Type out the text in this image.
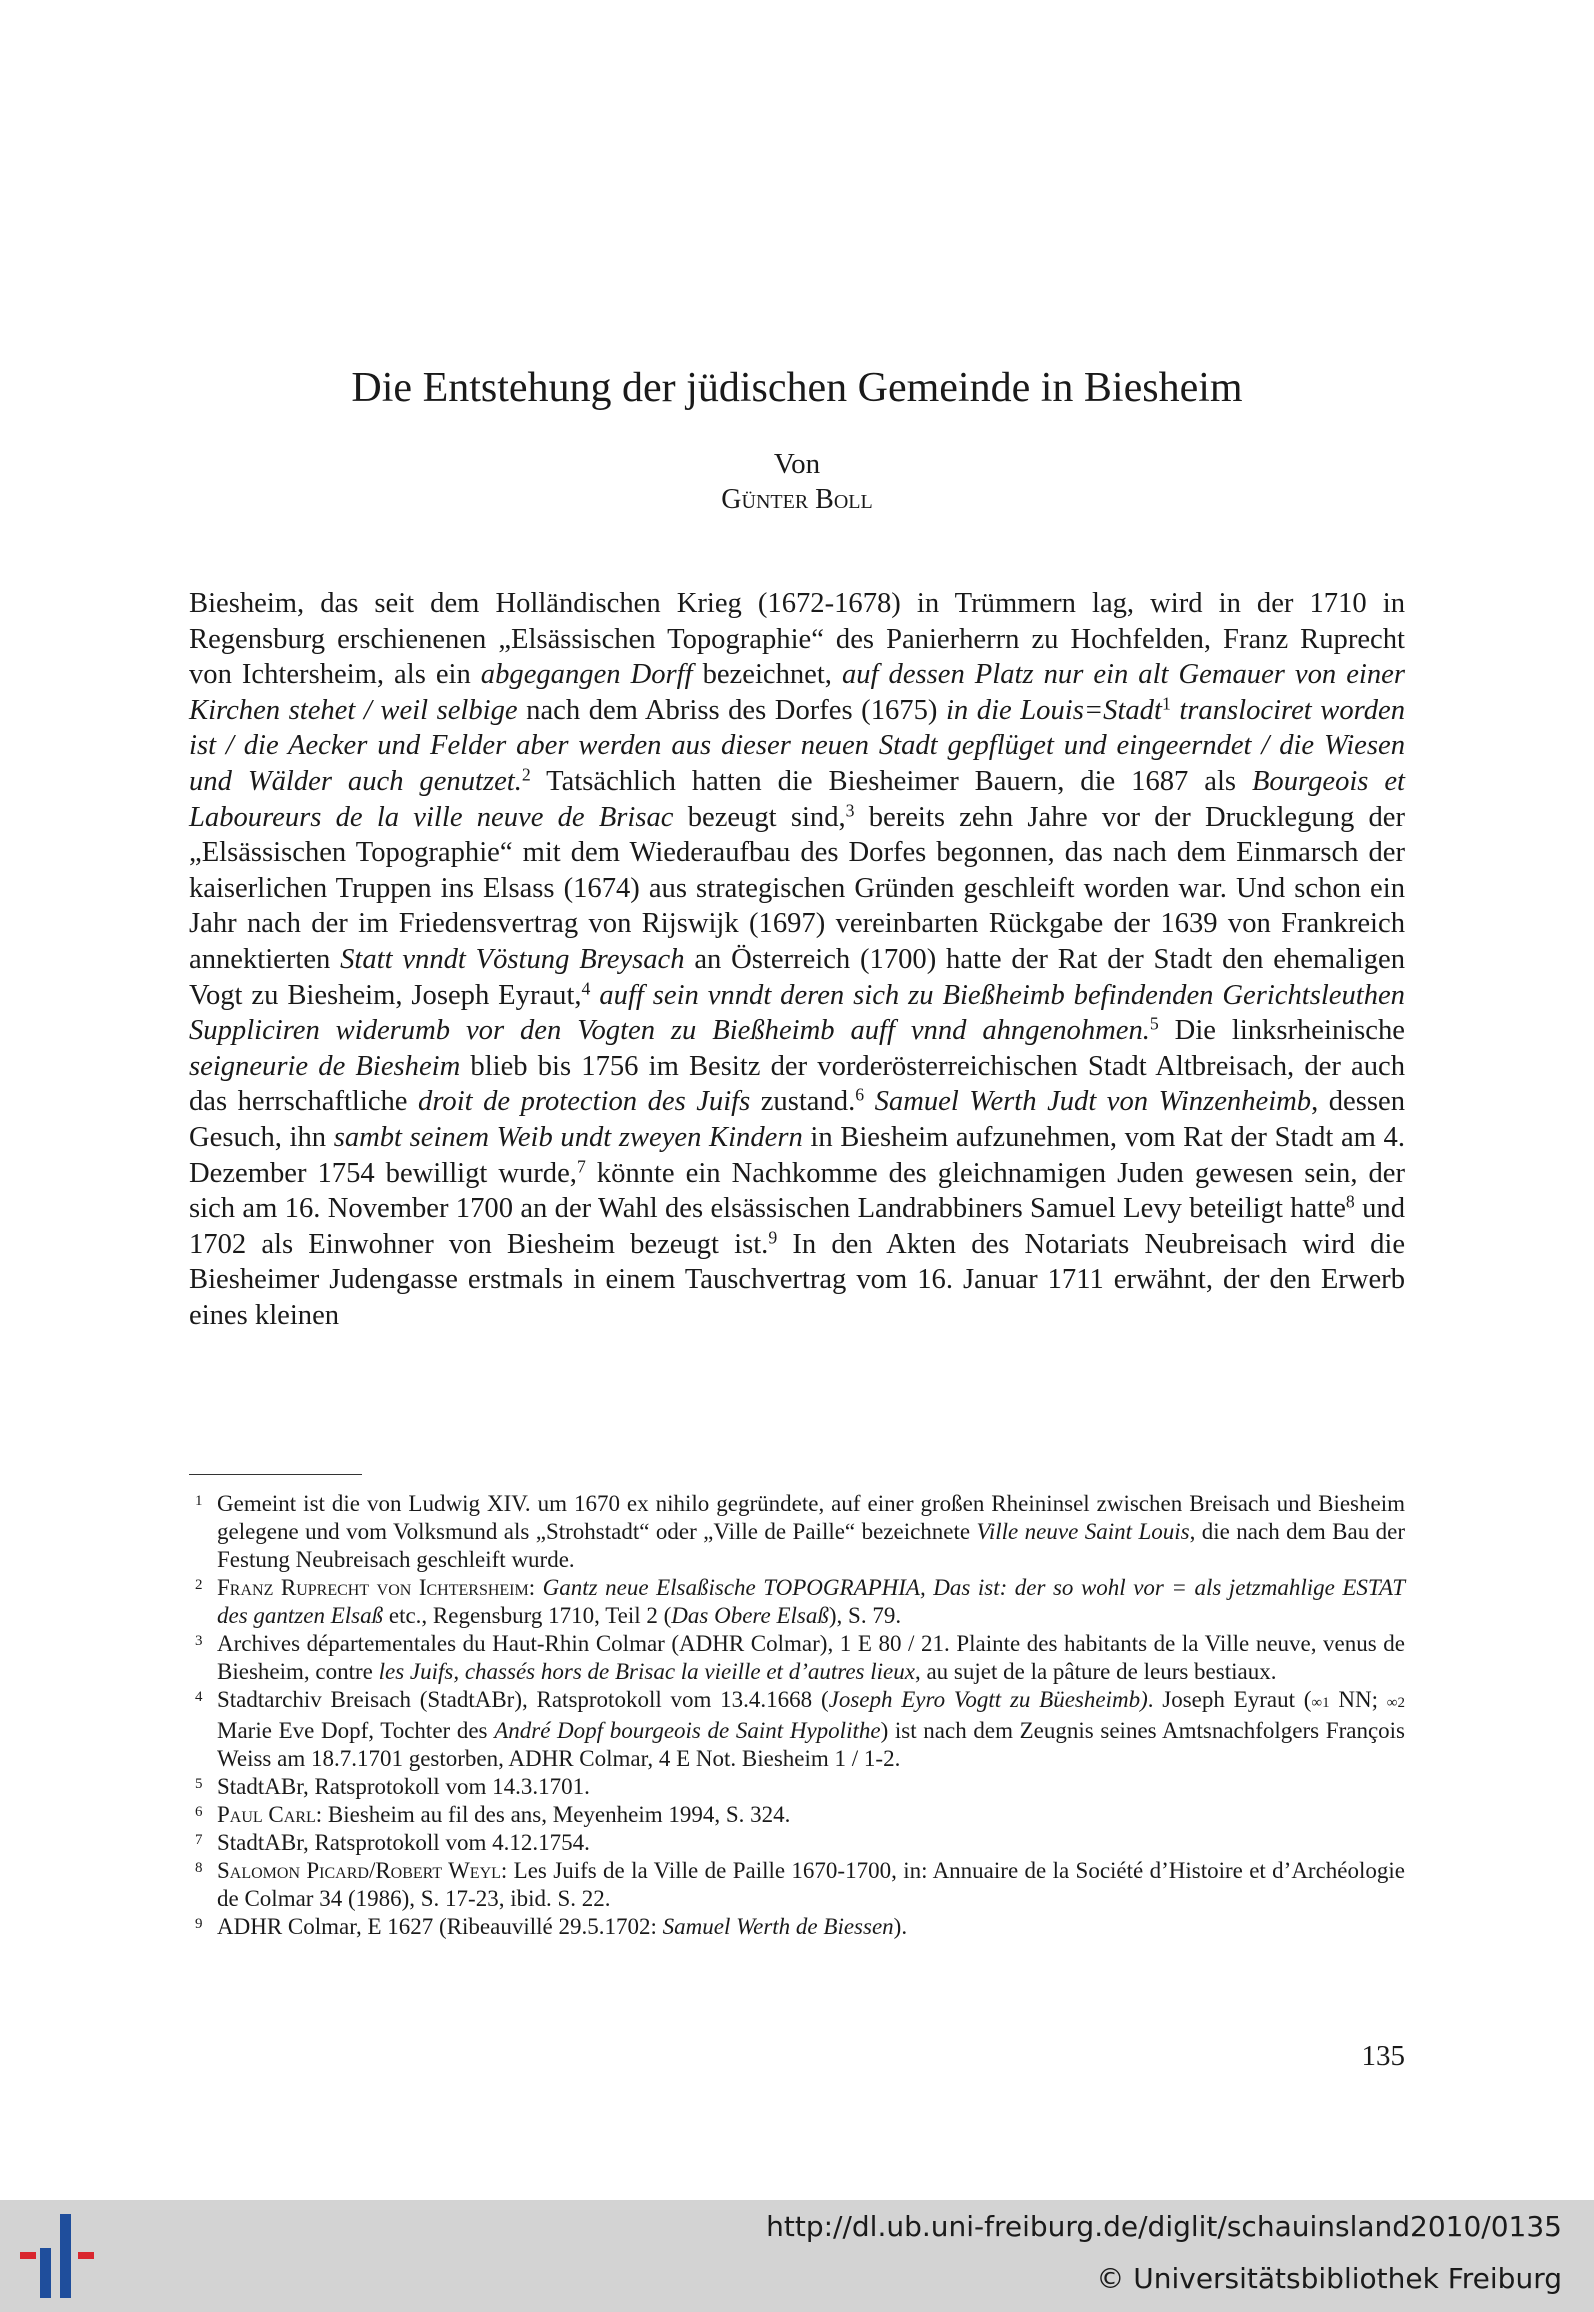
Die Entstehung der jüdischen Gemeinde in Biesheim
Von
Günter Boll
Biesheim, das seit dem Holländischen Krieg (1672-1678) in Trümmern lag, wird in der 1710 in Regensburg erschienenen „Elsässischen Topographie“ des Panierherrn zu Hochfelden, Franz Ruprecht von Ichtersheim, als ein abgegangen Dorff bezeichnet, auf dessen Platz nur ein alt Gemauer von einer Kirchen stehet / weil selbige nach dem Abriss des Dorfes (1675) in die Louis=Stadt$^1$ translociret worden ist / die Aecker und Felder aber werden aus dieser neuen Stadt gepflüget und eingeerndet / die Wiesen und Wälder auch genutzet.$^2$ Tatsächlich hatten die Biesheimer Bauern, die 1687 als Bourgeois et Laboureurs de la ville neuve de Brisac bezeugt sind,$^3$ bereits zehn Jahre vor der Drucklegung der „Elsässischen Topographie“ mit dem Wiederaufbau des Dorfes begonnen, das nach dem Einmarsch der kaiserlichen Truppen ins Elsass (1674) aus strategischen Gründen geschleift worden war. Und schon ein Jahr nach der im Friedensvertrag von Rijswijk (1697) vereinbarten Rückgabe der 1639 von Frankreich annektierten Statt vnndt Vöstung Breysach an Österreich (1700) hatte der Rat der Stadt den ehemaligen Vogt zu Biesheim, Joseph Eyraut,$^4$ auff sein vnndt deren sich zu Bießheimb befindenden Gerichtsleuthen Suppliciren widerumb vor den Vogten zu Bießheimb auff vnnd ahngenohmen.$^5$ Die linksrheinische seigneurie de Biesheim blieb bis 1756 im Besitz der vorderösterreichischen Stadt Altbreisach, der auch das herrschaftliche droit de protection des Juifs zustand.$^6$ Samuel Werth Judt von Winzenheimb, dessen Gesuch, ihn sambt seinem Weib undt zweyen Kindern in Biesheim aufzunehmen, vom Rat der Stadt am 4. Dezember 1754 bewilligt wurde,$^7$ könnte ein Nachkomme des gleichnamigen Juden gewesen sein, der sich am 16. November 1700 an der Wahl des elsässischen Landrabbiners Samuel Levy beteiligt hatte$^8$ und 1702 als Einwohner von Biesheim bezeugt ist.$^9$ In den Akten des Notariats Neubreisach wird die Biesheimer Judengasse erstmals in einem Tauschvertrag vom 16. Januar 1711 erwähnt, der den Erwerb eines kleinen
1 Gemeint ist die von Ludwig XIV. um 1670 ex nihilo gegründete, auf einer großen Rheininsel zwischen Breisach und Biesheim gelegene und vom Volksmund als „Strohstadt“ oder „Ville de Paille“ bezeichnete Ville neuve Saint Louis, die nach dem Bau der Festung Neubreisach geschleift wurde.
2 Franz Ruprecht von Ichtersheim: Gantz neue Elsaßische TOPOGRAPHIA, Das ist: der so wohl vor = als jetzmahlige ESTAT des gantzen Elsaß etc., Regensburg 1710, Teil 2 (Das Obere Elsaß), S. 79.
3 Archives départementales du Haut-Rhin Colmar (ADHR Colmar), 1 E 80 / 21. Plainte des habitants de la Ville neuve, venus de Biesheim, contre les Juifs, chassés hors de Brisac la vieille et d’autres lieux, au sujet de la pâture de leurs bestiaux.
4 Stadtarchiv Breisach (StadtABr), Ratsprotokoll vom 13.4.1668 (Joseph Eyro Vogtt zu Büesheimb). Joseph Eyraut (∞1 NN; ∞2 Marie Eve Dopf, Tochter des André Dopf bourgeois de Saint Hypolithe) ist nach dem Zeugnis seines Amtsnachfolgers François Weiss am 18.7.1701 gestorben, ADHR Colmar, 4 E Not. Biesheim 1 / 1-2.
5 StadtABr, Ratsprotokoll vom 14.3.1701.
6 Paul Carl: Biesheim au fil des ans, Meyenheim 1994, S. 324.
7 StadtABr, Ratsprotokoll vom 4.12.1754.
8 Salomon Picard/Robert Weyl: Les Juifs de la Ville de Paille 1670-1700, in: Annuaire de la Société d’Histoire et d’Archéologie de Colmar 34 (1986), S. 17-23, ibid. S. 22.
9 ADHR Colmar, E 1627 (Ribeauvillé 29.5.1702: Samuel Werth de Biessen).
135
http://dl.ub.uni-freiburg.de/diglit/schauinsland2010/0135
© Universitätsbibliothek Freiburg
